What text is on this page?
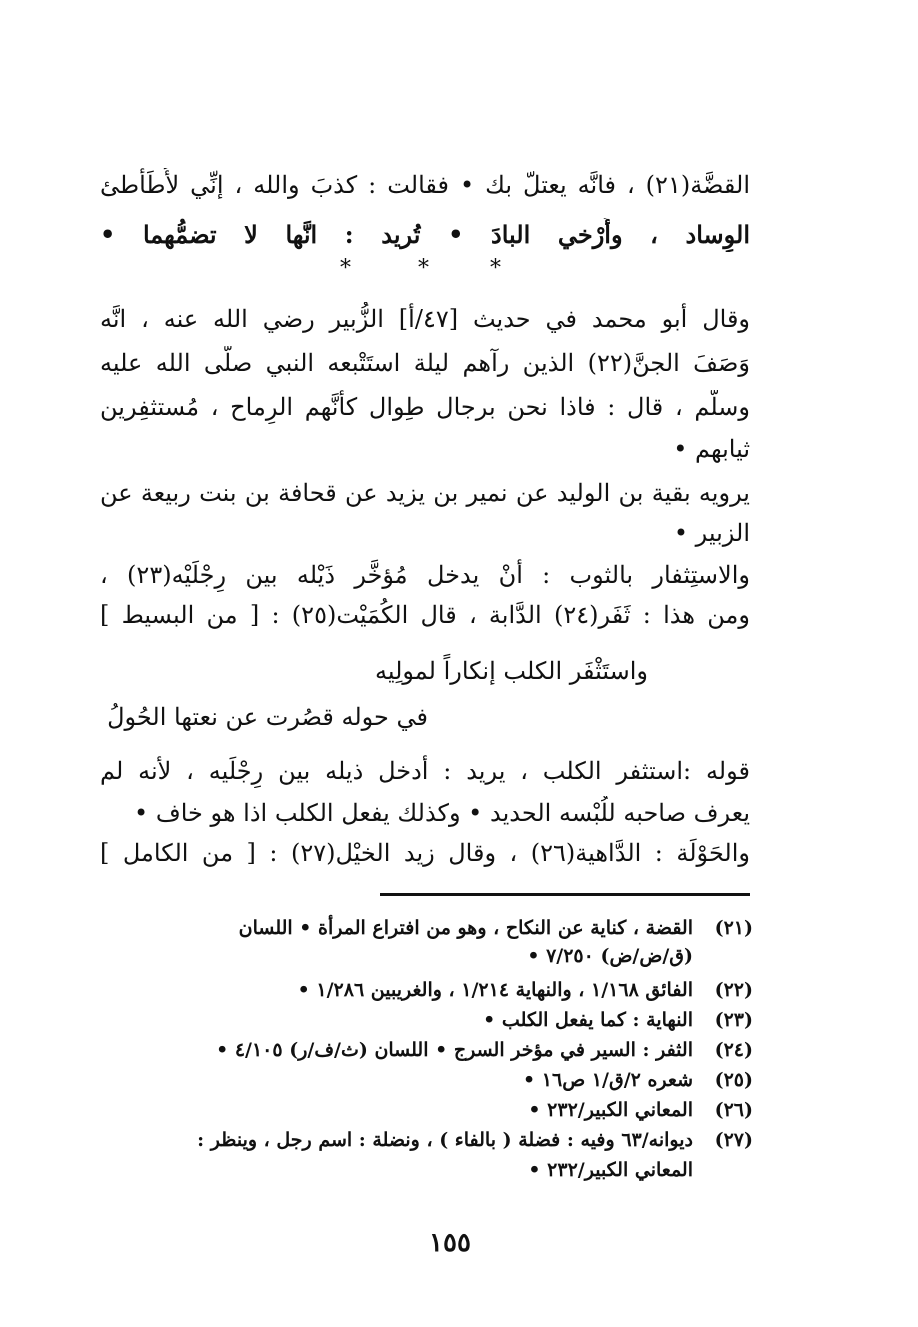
القضَّة(٢١) ، فانَّه يعتلّ بك • فقالت : كذبَ والله ، إنِّي لأُطَأطئ
الوِساد ، وأُرْخي البادَ • تُريد : انَّها لا تضمُّهما •
*	*	*
وقال أبو محمد في حديث [٤٧/أ] الزُّبير رضي الله عنه ، انَّه
وَصَفَ الجنَّ(٢٢) الذين رآهم ليلة استَتْبعه النبي صلّى الله عليه
وسلَّم ، قال : فاذا نحن برجال طِوال كأنَّهم الرِماح ، مُستثفِرين
ثيابهم •
يرويه بقية بن الوليد عن نمير بن يزيد عن قحافة بن بنت ربيعة عن
الزبير •
والاستِثفار بالثوب : أنْ يدخل مُؤخَّر ذَيْله بين رِجْلَيْه(٢٣) ،
ومن هذا : ثَفَر(٢٤) الدَّابة ، قال الكُمَيْت(٢٥) : [ من البسيط ]
واستَثْفَر الكلب إنكاراً لمولِيه
في حوله قصُرت عن نعتها الحُولُ
قوله :استثفر الكلب ، يريد : أدخل ذيله بين رِجْلَيه ، لأنه لم
يعرف صاحبه للُبْسه الحديد • وكذلك يفعل الكلب اذا هو خاف •
والحَوْلَة : الدَّاهية(٢٦) ، وقال زيد الخيْل(٢٧) : [ من الكامل ]
(٢١)
القضة ، كناية عن النكاح ، وهو من افتراع المرأة • اللسان
(ق/ض/ض) ٧/٢٥٠ •
(٢٢)
الفائق ١/١٦٨ ، والنهاية ١/٢١٤ ، والغريبين ١/٢٨٦ •
(٢٣)
النهاية : كما يفعل الكلب •
(٢٤)
الثفر : السير في مؤخر السرج • اللسان (ث/ف/ر) ٤/١٠٥ •
(٢٥)
شعره ٢/ق/١ ص١٦ •
(٢٦)
المعاني الكبير/٢٣٢ •
(٢٧)
ديوانه/٦٣ وفيه : فضلة ( بالفاء ) ، ونضلة : اسم رجل ، وينظر :
المعاني الكبير/٢٣٢ •
١٥٥
